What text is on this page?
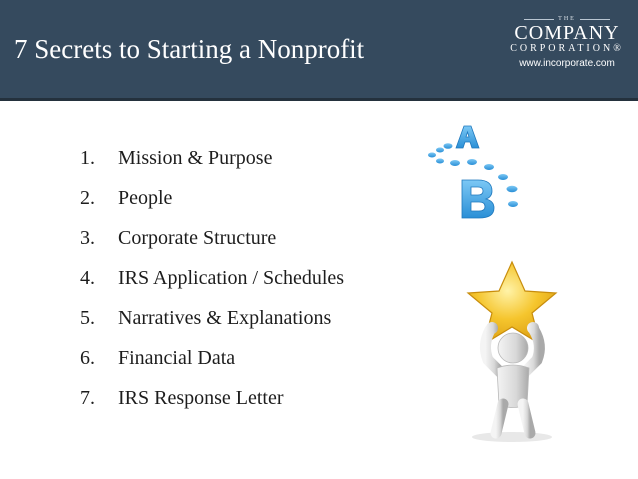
7 Secrets to Starting a Nonprofit
THE
COMPANY
CORPORATION®
www.incorporate.com
1. Mission & Purpose
2. People
3. Corporate Structure
4. IRS Application / Schedules
5. Narratives & Explanations
6. Financial Data
7. IRS Response Letter
